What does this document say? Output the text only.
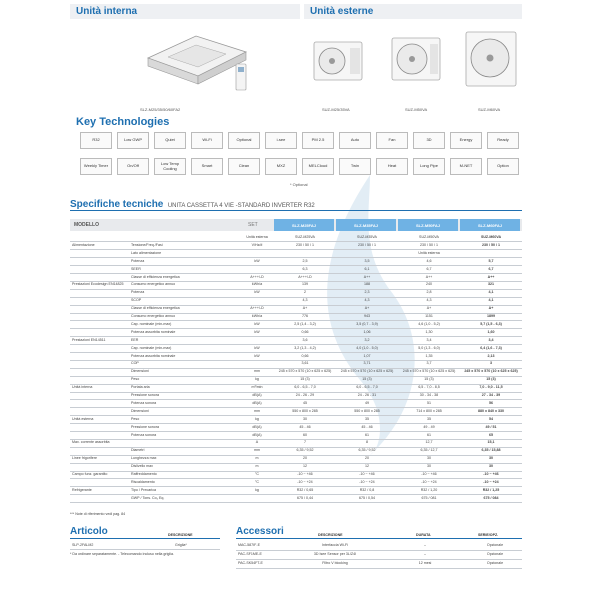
Unità interna	Unità esterne
SLZ-M25/35/50/60FA2	SUZ-M25/35VA	SUZ-M50VA	SUZ-M60VA
Key Technologies
R32	Low GWP	Quiet	Wi-Fi	Optional	i-see	PM 2.5	Auto	Fan	3D	Energy	Ready
Weekly Timer	On/Off	Low Temp Cooling	Smart	Clean	MXZ	MELCloud	Twin	Heat	Long Pipe	M-NET	Option
* Optional
Specifiche tecniche UNITA CASSETTA 4 VIE -STANDARD INVERTER R32
MODELLO	SET	SLZ-M25FAJ	SLZ-M35FAJ	SLZ-M50FAJ	SLZ-M60FAJ
Unità esterna	SUZ-M25VA	SUZ-M35VA	SUZ-M50VA	SUZ-M60VA
Alimentazione	Tensione/Freq./Fasi	V/Hz/#	230 / 50 / 1	230 / 50 / 1	230 / 50 / 1	230 / 50 / 1
Lato alimentazione	Unità esterna
Potenza	kW	2,5	3,5	4,6	5,7
SEER	6,3	6,1	6,7	6,7
Classe di efficienza energetica	A+++/-D	A+++/-D	A++	A++	A++
Prestazioni Ecodesign EN14825	Consumo energetico annuo	kWh/a	139	188	240	321
Potenza	kW	2	2,3	2,8	4,1
SCOP	4,3	4,3	4,3	4,1
Classe di efficienza energetica	A+++/-D	A+	A+	A+	A+
Consumo energetico annuo	kWh/a	776	943	1151	1899
Cap. nominale (min-max)	kW	2,5 (1,4 - 3,2)	3,5 (0,7 - 3,9)	4,6 (1,0 - 5,2)	5,7 (1,5 - 6,3)
Potenza assorbita nominale	kW	0,66	1,06	1,30	1,60
Prestazioni EN14511	EER	3,6	3,2	3,4	3,4
Cap. nominale (min-max)	kW	3,2 (1,3 - 4,2)	4,0 (1,0 - 5,0)	5,0 (1,3 - 6,0)	6,4 (1,6 - 7,3)
Potenza assorbita nominale	kW	0,66	1,07	1,35	2,13
COP	3,61	3,71	3,7	3
Dimensioni	mm	245 x 570 x 570 (10 x 625 x 625)	245 x 570 x 570 (10 x 625 x 625)	245 x 570 x 570 (10 x 625 x 625)	245 x 570 x 570 (10 x 625 x 625)
Peso	kg	15 (3)	15 (3)	15 (3)	15 (3)
Unità interna	Portata aria	m³/min	6,0 - 6,5 - 7,0	6,0 - 6,5 - 7,0	6,5 - 7,0 - 8,5	7,0 - 9,0 - 11,5
Pressione sonora	dB(A)	24 - 26 - 29	24 - 26 - 31	30 - 34 - 38	27 - 34 - 39
Potenza sonora	dB(A)	45	49	51	56
Dimensioni	mm	550 x 800 x 285	550 x 800 x 285	714 x 800 x 285	880 x 840 x 330
Unità esterna	Peso	kg	30	35	35	54
Pressione sonora	dB(A)	45 - 46	45 - 46	49 - 49	49 / 51
Potenza sonora	dB(A)	60	61	61	65
Max. corrente assorbita	A	7	8	12,7	15,1
Diametri	mm	6,35 / 9,52	6,35 / 9,52	6,35 / 12,7	6,35 / 15,88
Linee frigorifere	Lunghezza max	m	20	20	30	30
Dislivello max	m	12	12	30	30
Campo funz. garantito	Raffreddamento	°C	-10 ~ +46	-10 ~ +46	-10 ~ +46	-10 ~ +46
Riscaldamento	°C	-10 ~ +24	-10 ~ +24	-10 ~ +24	-10 ~ +24
Refrigerante	Tipo / Precarica	kg	R32 / 0,65	R32 / 0,8	R32 / 1,20	R32 / 1,25
GWP / Tons. Co₂ Eq.	675 / 0,44	675 / 0,54	675 / 081	675 / 084
*** Note di riferimento vedi pag. 84
Articolo	DESCRIZIONE
SLP-2FALM2	Griglia*
* Da ordinare separatamente. - Telecomando incluso nella griglia.
Accessori	DESCRIZIONE	DURATA	SERIE/OPZ.
MAC-587IF-E	Interfaccia Wi-Fi	–	Opzionale
PAC-SF1ME-E	3D Isee Sensor per 3L/Z4I	–	Opzionale
PAC-SK54FT-E	Filtro V blocking	12 mesi	Opzionale
